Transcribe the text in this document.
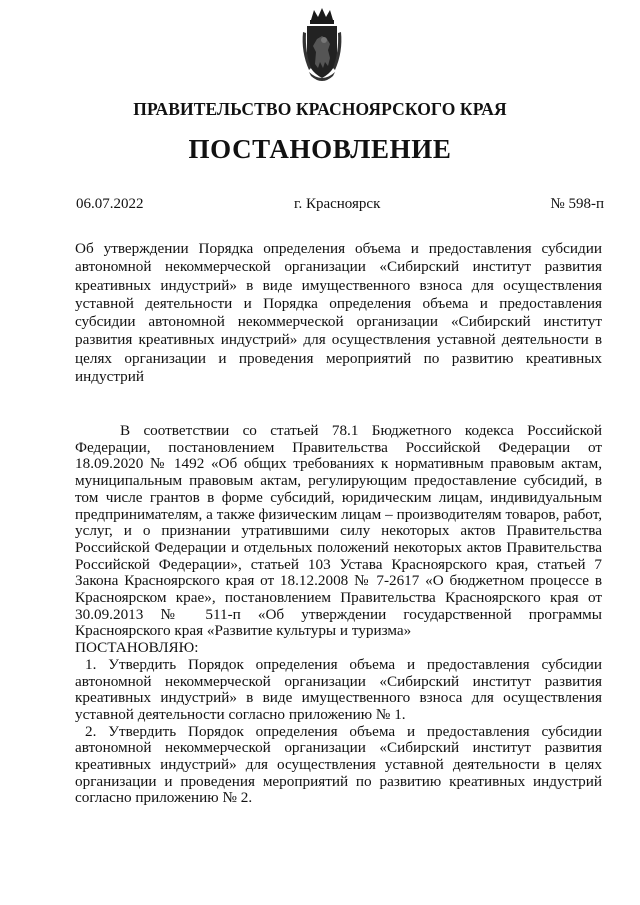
ПРАВИТЕЛЬСТВО КРАСНОЯРСКОГО КРАЯ
ПОСТАНОВЛЕНИЕ
06.07.2022	г. Красноярск	№ 598-п
Об утверждении Порядка определения объема и предоставления субсидии автономной некоммерческой организации «Сибирский институт развития креативных индустрий» в виде имущественного взноса для осуществления уставной деятельности и Порядка определения объема и предоставления субсидии автономной некоммерческой организации «Сибирский институт развития креативных индустрий» для осуществления уставной деятельности в целях организации и проведения мероприятий по развитию креативных индустрий

В соответствии со статьей 78.1 Бюджетного кодекса Российской Федерации, постановлением Правительства Российской Федерации от 18.09.2020 № 1492 «Об общих требованиях к нормативным правовым актам, муниципальным правовым актам, регулирующим предоставление субсидий, в том числе грантов в форме субсидий, юридическим лицам, индивидуальным предпринимателям, а также физическим лицам – производителям товаров, работ, услуг, и о признании утратившими силу некоторых актов Правительства Российской Федерации и отдельных положений некоторых актов Правительства Российской Федерации», статьей 103 Устава Красноярского края, статьей 7 Закона Красноярского края от 18.12.2008 № 7-2617 «О бюджетном процессе в Красноярском крае», постановлением Правительства Красноярского края от 30.09.2013 № 511-п «Об утверждении государственной программы Красноярского края «Развитие культуры и туризма»

ПОСТАНОВЛЯЮ:

1. Утвердить Порядок определения объема и предоставления субсидии автономной некоммерческой организации «Сибирский институт развития креативных индустрий» в виде имущественного взноса для осуществления уставной деятельности согласно приложению № 1.

2. Утвердить Порядок определения объема и предоставления субсидии автономной некоммерческой организации «Сибирский институт развития креативных индустрий» для осуществления уставной деятельности в целях организации и проведения мероприятий по развитию креативных индустрий согласно приложению № 2.
